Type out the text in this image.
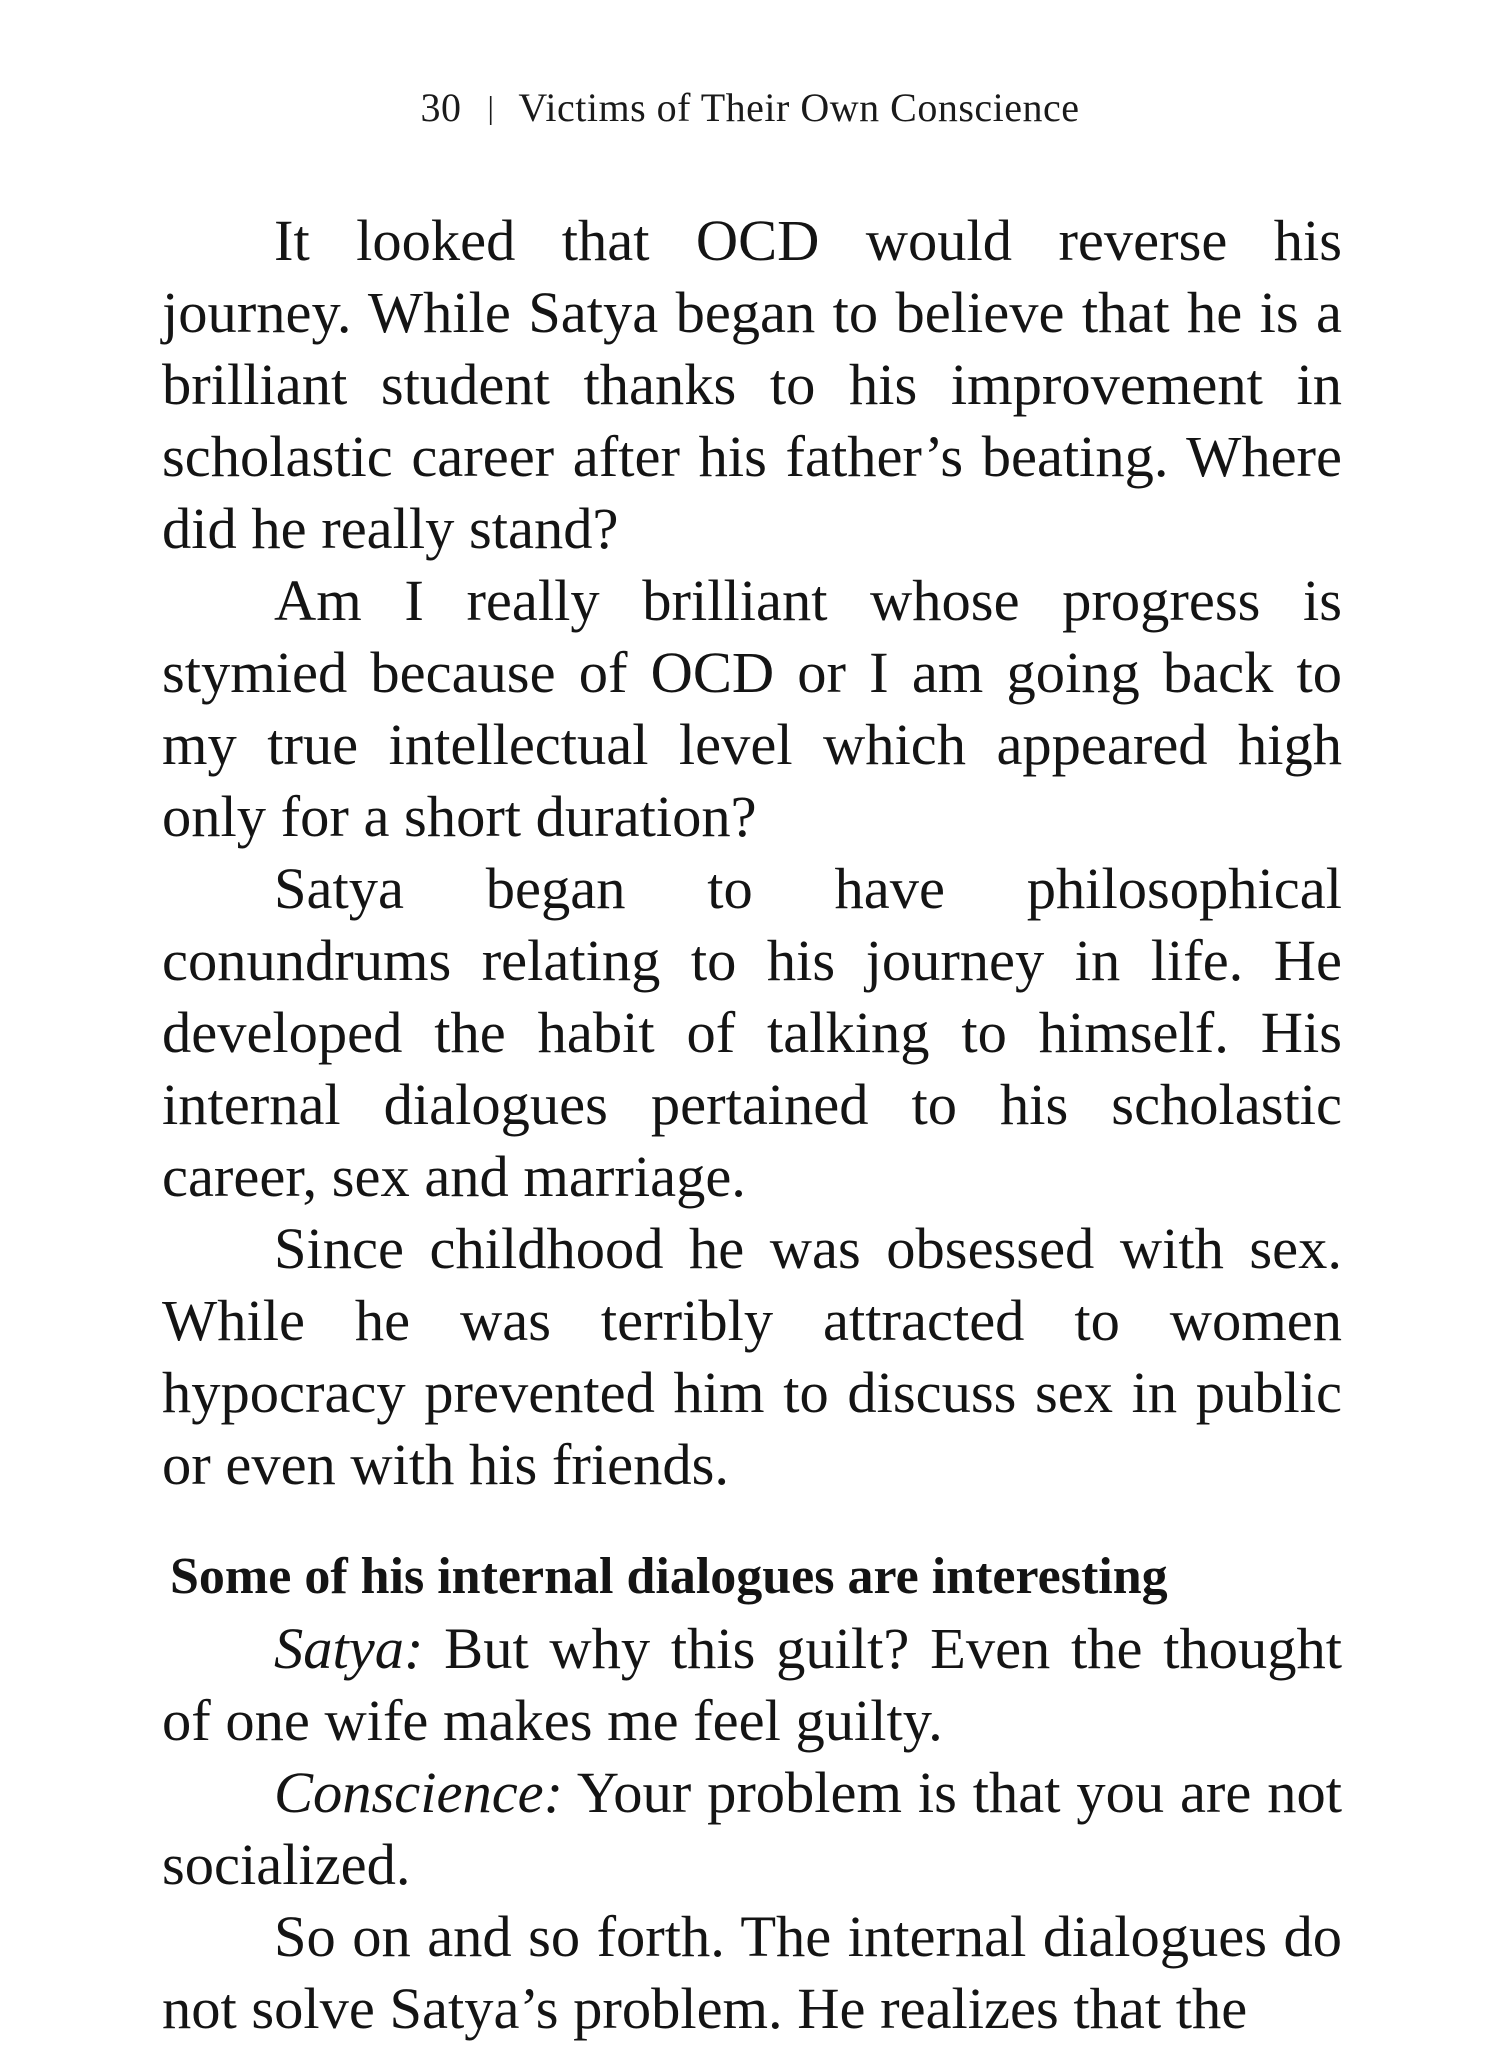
30 | Victims of Their Own Conscience

It looked that OCD would reverse his journey. While Satya began to believe that he is a brilliant student thanks to his improvement in scholastic career after his father’s beating. Where did he really stand?

Am I really brilliant whose progress is stymied because of OCD or I am going back to my true intellectual level which appeared high only for a short duration?

Satya began to have philosophical conundrums relating to his journey in life. He developed the habit of talking to himself. His internal dialogues pertained to his scholastic career, sex and marriage.

Since childhood he was obsessed with sex. While he was terribly attracted to women hypocracy prevented him to discuss sex in public or even with his friends.

Some of his internal dialogues are interesting

Satya: But why this guilt? Even the thought of one wife makes me feel guilty.

Conscience: Your problem is that you are not socialized.

So on and so forth. The internal dialogues do not solve Satya’s problem. He realizes that the
